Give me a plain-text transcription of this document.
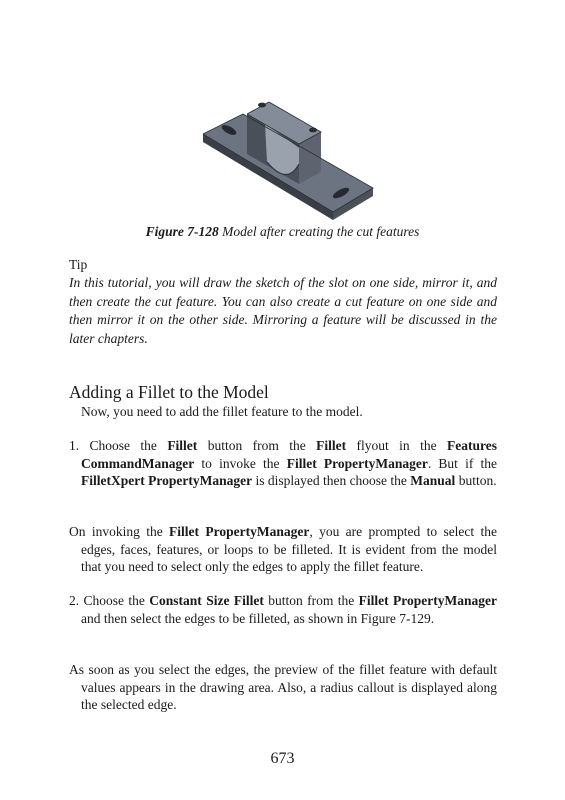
Figure 7-128 Model after creating the cut features
Tip
In this tutorial, you will draw the sketch of the slot on one side, mirror it, and then create the cut feature. You can also create a cut feature on one side and then mirror it on the other side. Mirroring a feature will be discussed in the later chapters.
Adding a Fillet to the Model
Now, you need to add the fillet feature to the model.
1. Choose the Fillet button from the Fillet flyout in the Features CommandManager to invoke the Fillet PropertyManager. But if the FilletXpert PropertyManager is displayed then choose the Manual button.
On invoking the Fillet PropertyManager, you are prompted to select the edges, faces, features, or loops to be filleted. It is evident from the model that you need to select only the edges to apply the fillet feature.
2. Choose the Constant Size Fillet button from the Fillet PropertyManager and then select the edges to be filleted, as shown in Figure 7-129.
As soon as you select the edges, the preview of the fillet feature with default values appears in the drawing area. Also, a radius callout is displayed along the selected edge.
673
